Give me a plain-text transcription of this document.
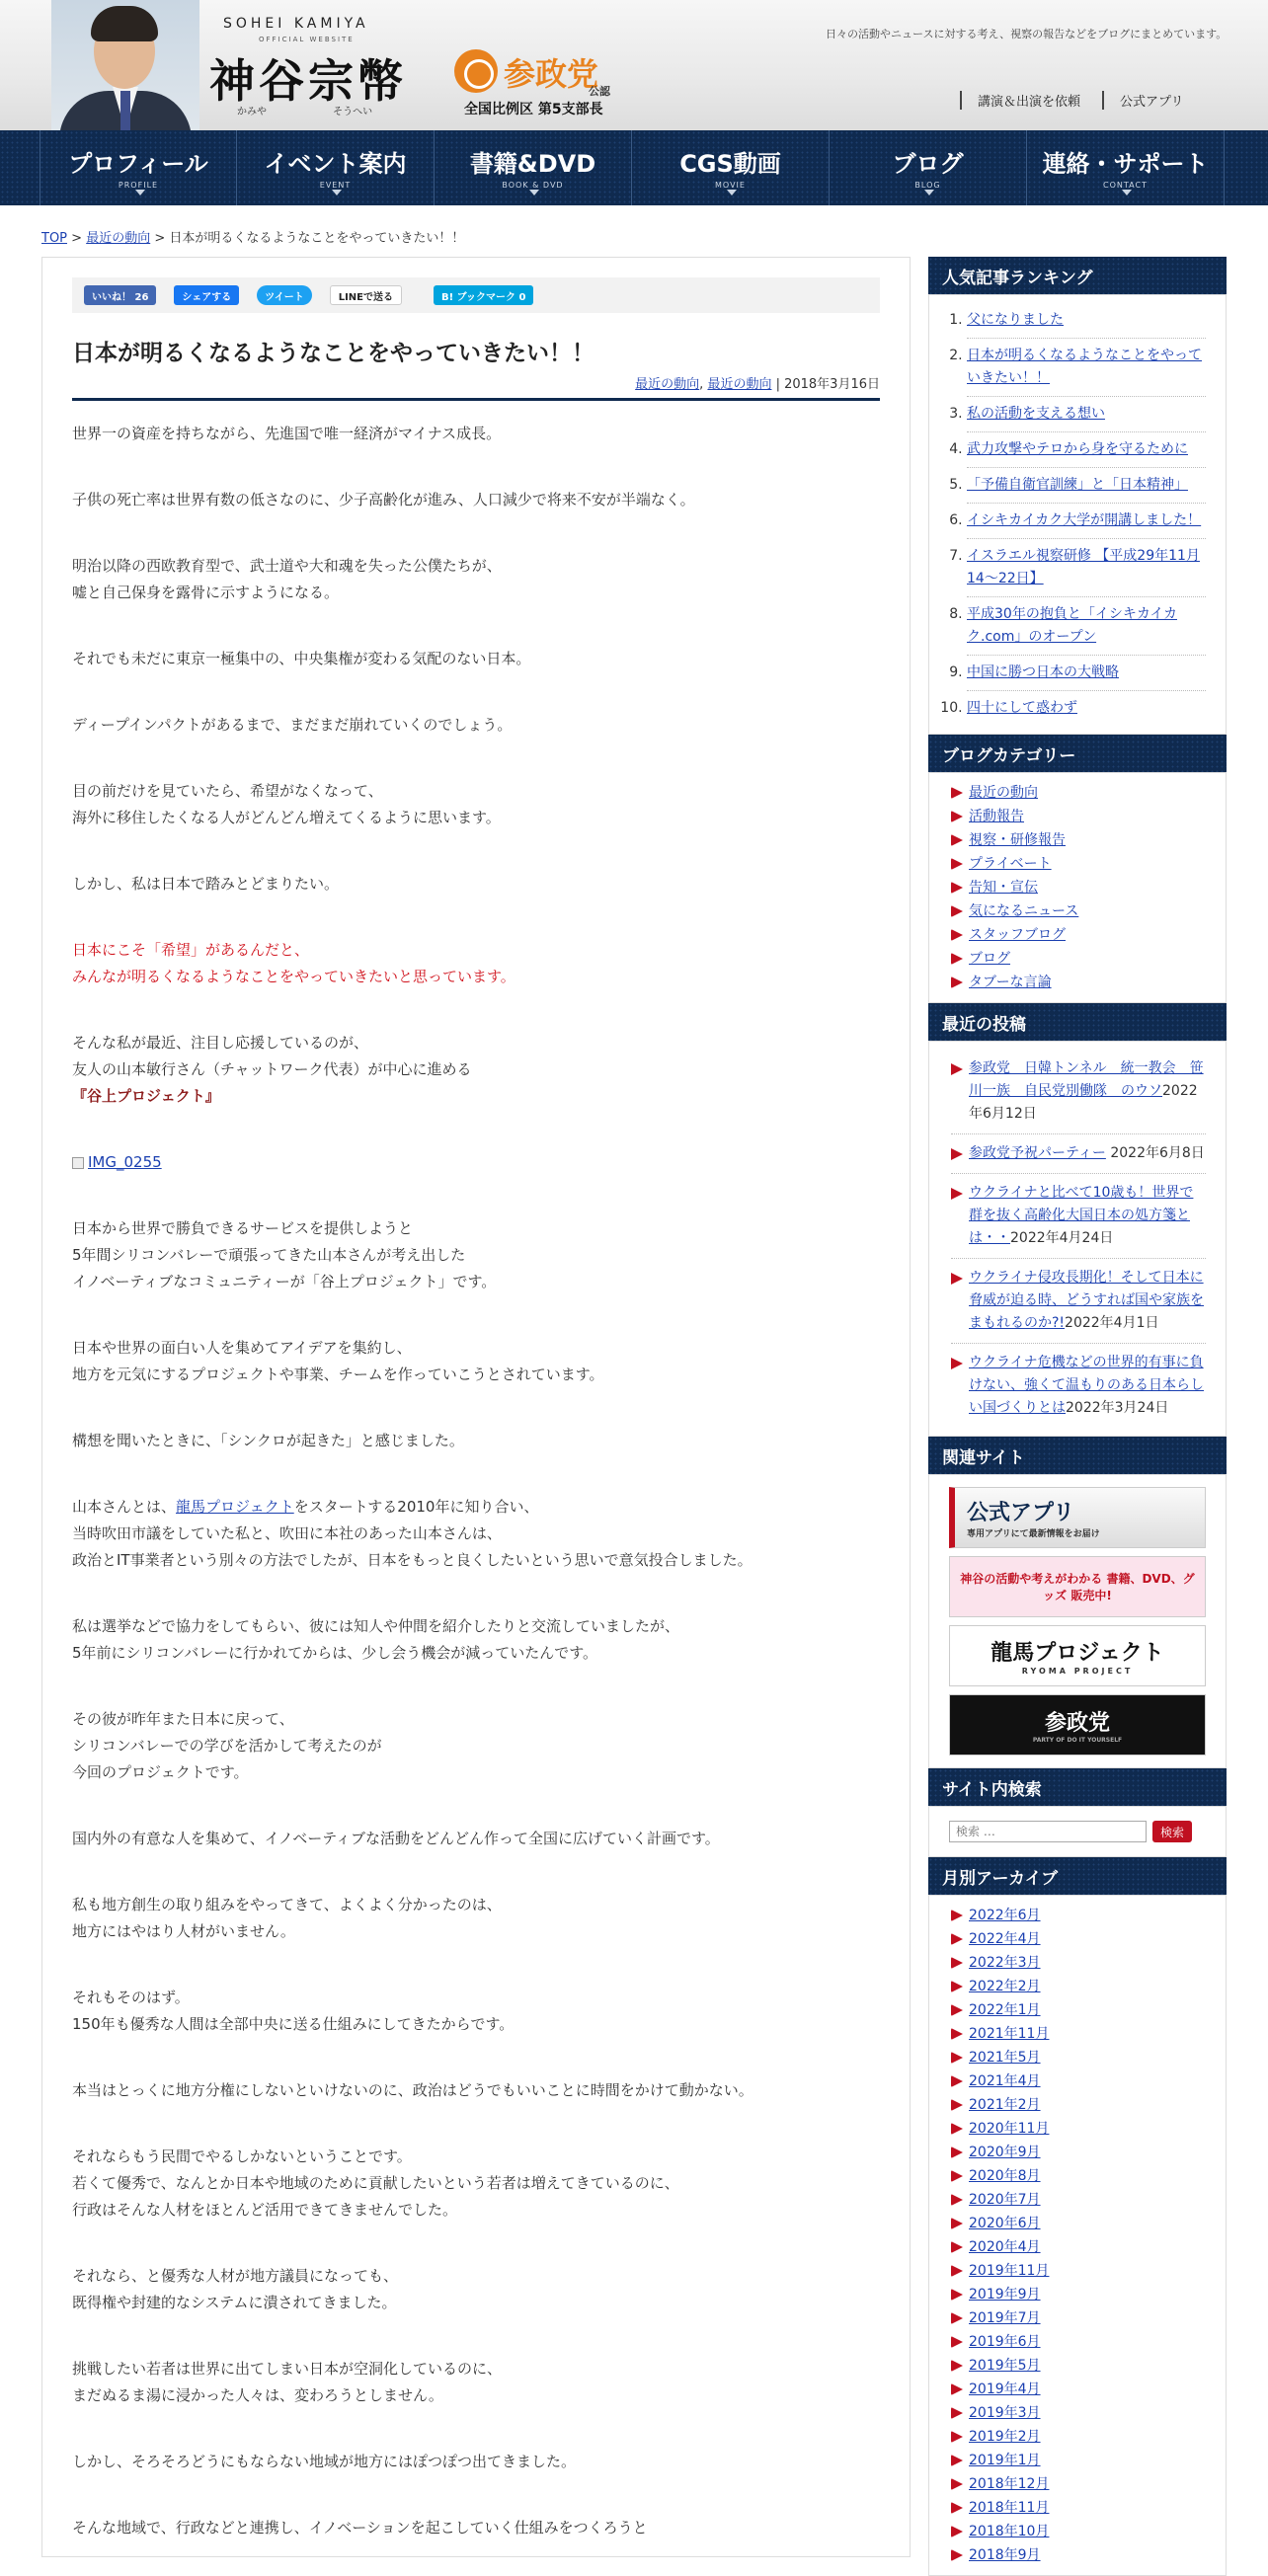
SOHEI KAMIYA
OFFICIAL WEBSITE
神谷宗幣
かみや そうへい
参政党
公認
全国比例区 第5支部長
日々の活動やニュースに対する考え、視察の報告などをブログにまとめています。
講演＆出演を依頼	公式アプリ
プロフィール
PROFILE
イベント案内
EVENT
書籍&DVD
BOOK & DVD
CGS動画
MOVIE
ブログ
BLOG
連絡・サポート
CONTACT
TOP > 最近の動向 > 日本が明るくなるようなことをやっていきたい！！
いいね！ 26	シェアする	ツイート	LINEで送る	B! ブックマーク 0
日本が明るくなるようなことをやっていきたい！！
最近の動向, 最近の動向 | 2018年3月16日

世界一の資産を持ちながら、先進国で唯一経済がマイナス成長。

子供の死亡率は世界有数の低さなのに、少子高齢化が進み、人口減少で将来不安が半端なく。

明治以降の西欧教育型で、武士道や大和魂を失った公僕たちが、
嘘と自己保身を露骨に示すようになる。

それでも未だに東京一極集中の、中央集権が変わる気配のない日本。

ディープインパクトがあるまで、まだまだ崩れていくのでしょう。

目の前だけを見ていたら、希望がなくなって、
海外に移住したくなる人がどんどん増えてくるように思います。

しかし、私は日本で踏みとどまりたい。

日本にこそ「希望」があるんだと、
みんなが明るくなるようなことをやっていきたいと思っています。

そんな私が最近、注目し応援しているのが、
友人の山本敏行さん（チャットワーク代表）が中心に進める
『谷上プロジェクト』

IMG_0255

日本から世界で勝負できるサービスを提供しようと
5年間シリコンバレーで頑張ってきた山本さんが考え出した
イノベーティブなコミュニティーが「谷上プロジェクト」です。

日本や世界の面白い人を集めてアイデアを集約し、
地方を元気にするプロジェクトや事業、チームを作っていこうとされています。

構想を聞いたときに、「シンクロが起きた」と感じました。

山本さんとは、龍馬プロジェクトをスタートする2010年に知り合い、
当時吹田市議をしていた私と、吹田に本社のあった山本さんは、
政治とIT事業者という別々の方法でしたが、日本をもっと良くしたいという思いで意気投合しました。

私は選挙などで協力をしてもらい、彼には知人や仲間を紹介したりと交流していましたが、
5年前にシリコンバレーに行かれてからは、少し会う機会が減っていたんです。

その彼が昨年また日本に戻って、
シリコンバレーでの学びを活かして考えたのが
今回のプロジェクトです。

国内外の有意な人を集めて、イノベーティブな活動をどんどん作って全国に広げていく計画です。

私も地方創生の取り組みをやってきて、よくよく分かったのは、
地方にはやはり人材がいません。

それもそのはず。
150年も優秀な人間は全部中央に送る仕組みにしてきたからです。

本当はとっくに地方分権にしないといけないのに、政治はどうでもいいことに時間をかけて動かない。

それならもう民間でやるしかないということです。
若くて優秀で、なんとか日本や地域のために貢献したいという若者は増えてきているのに、
行政はそんな人材をほとんど活用できてきませんでした。

それなら、と優秀な人材が地方議員になっても、
既得権や封建的なシステムに潰されてきました。

挑戦したい若者は世界に出てしまい日本が空洞化しているのに、
まだぬるま湯に浸かった人々は、変わろうとしません。

しかし、そろそろどうにもならない地域が地方にはぽつぽつ出てきました。

そんな地域で、行政などと連携し、イノベーションを起こしていく仕組みをつくろうと

人気記事ランキング
1. 父になりました
2. 日本が明るくなるようなことをやっていきたい！！
3. 私の活動を支える想い
4. 武力攻撃やテロから身を守るために
5. 「予備自衛官訓練」と「日本精神」
6. イシキカイカク大学が開講しました！
7. イスラエル視察研修 【平成29年11月14〜22日】
8. 平成30年の抱負と「イシキカイカク.com」のオープン
9. 中国に勝つ日本の大戦略
10. 四十にして惑わず
ブログカテゴリー
最近の動向
活動報告
視察・研修報告
プライベート
告知・宣伝
気になるニュース
スタッフブログ
ブログ
タブーな言論
最近の投稿
参政党　日韓トンネル　統一教会　笹川一族　自民党別働隊　のウソ2022年6月12日
参政党予祝パーティー 2022年6月8日
ウクライナと比べて10歳も！世界で群を抜く高齢化大国日本の処方箋とは・・2022年4月24日
ウクライナ侵攻長期化！そして日本に脅威が迫る時、どうすれば国や家族をまもれるのか?!2022年4月1日
ウクライナ危機などの世界的有事に負けない、強くて温もりのある日本らしい国づくりとは2022年3月24日
関連サイト
公式アプリ
専用アプリにて最新情報をお届け
神谷の活動や考えがわかる 書籍、DVD、グッズ 販売中!
龍馬プロジェクト
RYOMA PROJECT
参政党
PARTY OF DO IT YOURSELF
サイト内検索
検索 …
検索
月別アーカイブ
2022年6月
2022年4月
2022年3月
2022年2月
2022年1月
2021年11月
2021年5月
2021年4月
2021年2月
2020年11月
2020年9月
2020年8月
2020年7月
2020年6月
2020年4月
2019年11月
2019年9月
2019年7月
2019年6月
2019年5月
2019年4月
2019年3月
2019年2月
2019年1月
2018年12月
2018年11月
2018年10月
2018年9月
